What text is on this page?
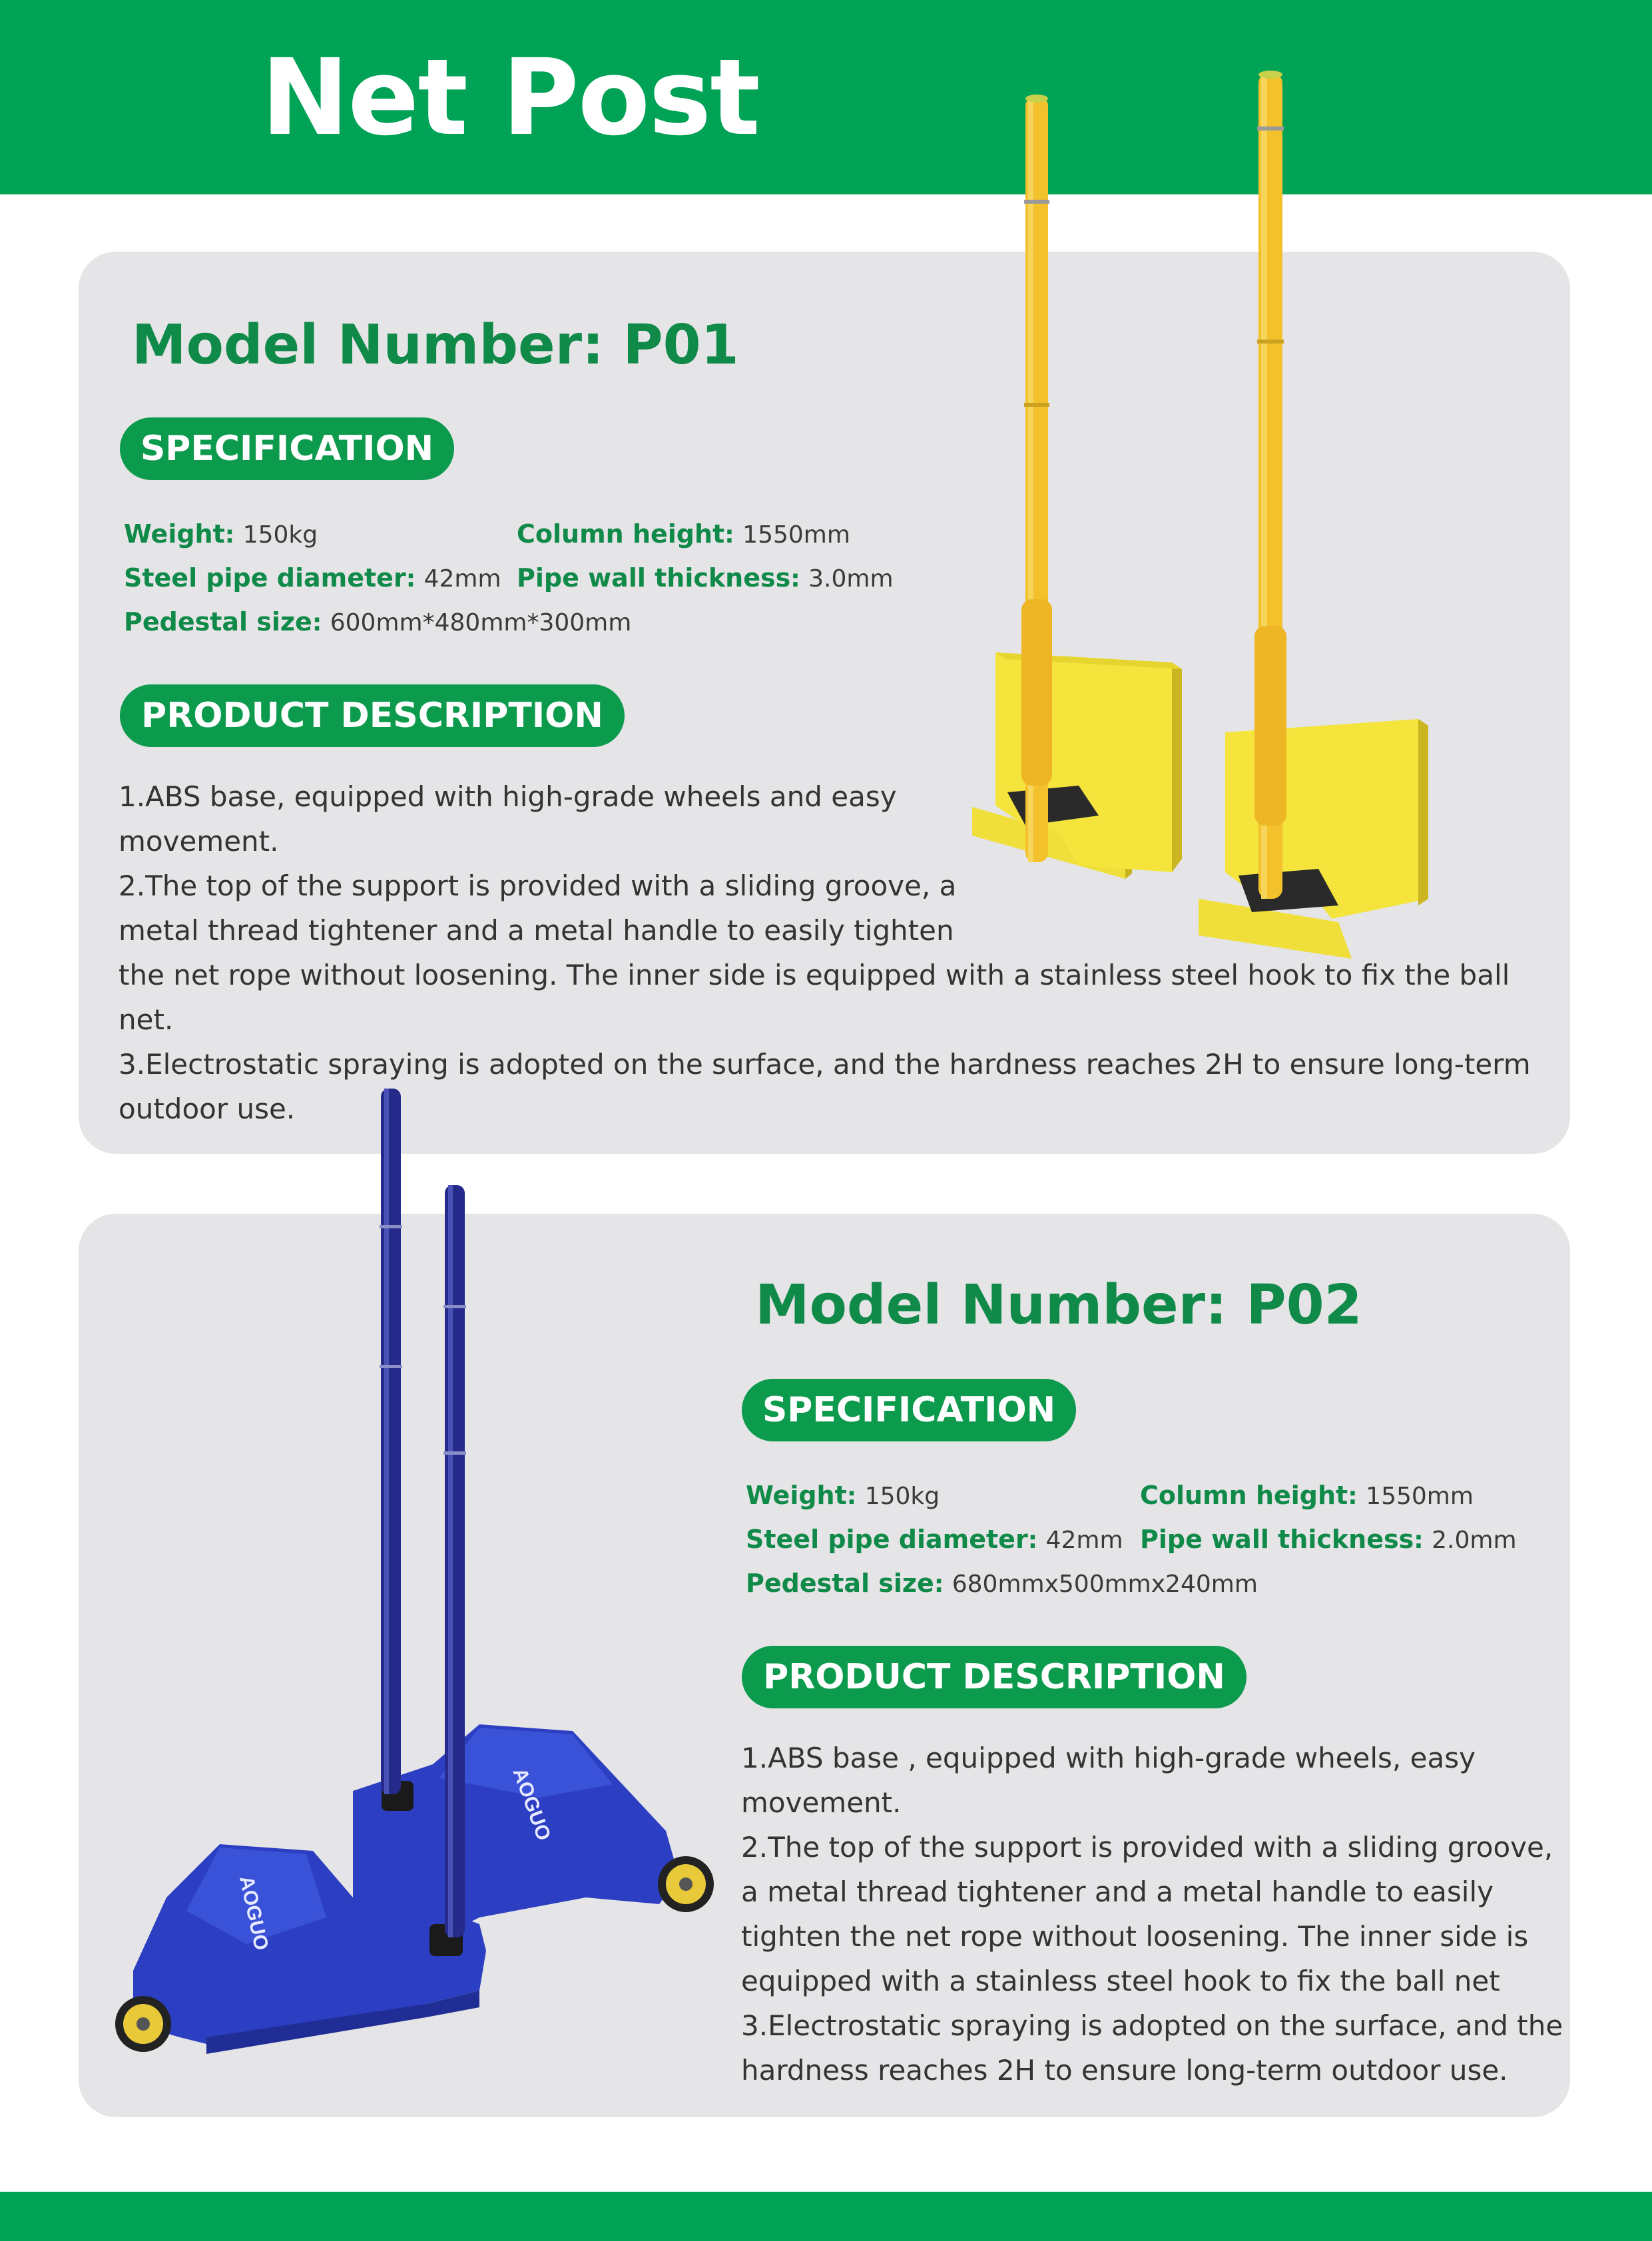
Net Post
Model Number: P01
SPECIFICATION
Weight: 150kg	Column height: 1550mm
Steel pipe diameter: 42mm Pipe wall thickness: 3.0mm
Pedestal size: 600mm*480mm*300mm
PRODUCT DESCRIPTION

1.ABS base, equipped with high-grade wheels and easy

movement.

2.The top of the support is provided with a sliding groove, a

metal thread tightener and a metal handle to easily tighten

the net rope without loosening. The inner side is equipped with a stainless steel hook to fix the ball net.

3.Electrostatic spraying is adopted on the surface, and the hardness reaches 2H to ensure long-term

outdoor use.

Model Number: P02
SPECIFICATION
Weight: 150kg	Column height: 1550mm
Steel pipe diameter: 42mm Pipe wall thickness: 2.0mm
Pedestal size: 680mmx500mmx240mm
PRODUCT DESCRIPTION

1.ABS base , equipped with high-grade wheels, easy

movement.

2.The top of the support is provided with a sliding groove,

a metal thread tightener and a metal handle to easily

tighten the net rope without loosening. The inner side is

equipped with a stainless steel hook to fix the ball net

3.Electrostatic spraying is adopted on the surface, and the

hardness reaches 2H to ensure long-term outdoor use.

AOGUO
AOGUO
